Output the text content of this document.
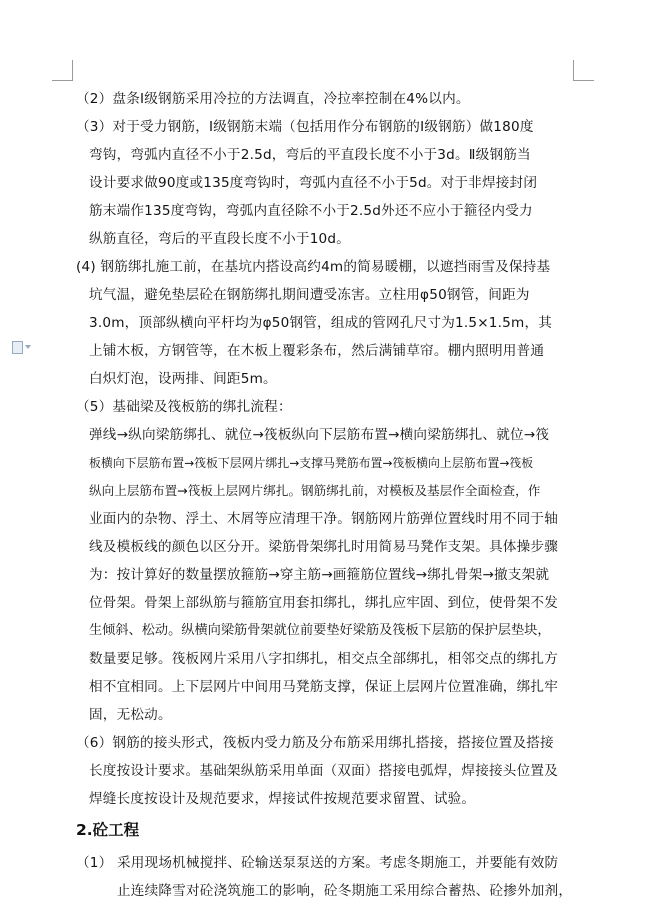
（2）盘条Ⅰ级钢筋采用冷拉的方法调直，冷拉率控制在4%以内。
（3）对于受力钢筋，Ⅰ级钢筋末端（包括用作分布钢筋的Ⅰ级钢筋）做180度
弯钩，弯弧内直径不小于2.5d，弯后的平直段长度不小于3d。Ⅱ级钢筋当
设计要求做90度或135度弯钩时，弯弧内直径不小于5d。对于非焊接封闭
筋末端作135度弯钩，弯弧内直径除不小于2.5d外还不应小于箍径内受力
纵筋直径，弯后的平直段长度不小于10d。
(4) 钢筋绑扎施工前，在基坑内搭设高约4m的简易暖棚，以遮挡雨雪及保持基
坑气温，避免垫层砼在钢筋绑扎期间遭受冻害。立柱用φ50钢管，间距为
3.0m，顶部纵横向平杆均为φ50钢管，组成的管网孔尺寸为1.5×1.5m，其
上铺木板，方钢管等，在木板上覆彩条布，然后满铺草帘。棚内照明用普通
白炽灯泡，设两排、间距5m。
（5）基础梁及筏板筋的绑扎流程：
弹线→纵向梁筋绑扎、就位→筏板纵向下层筋布置→横向梁筋绑扎、就位→筏
板横向下层筋布置→筏板下层网片绑扎→支撑马凳筋布置→筏板横向上层筋布置→筏板
纵向上层筋布置→筏板上层网片绑扎。钢筋绑扎前，对模板及基层作全面检查，作
业面内的杂物、浮土、木屑等应清理干净。钢筋网片筋弹位置线时用不同于轴
线及模板线的颜色以区分开。梁筋骨架绑扎时用简易马凳作支架。具体操步骤
为：按计算好的数量摆放箍筋→穿主筋→画箍筋位置线→绑扎骨架→撤支架就
位骨架。骨架上部纵筋与箍筋宜用套扣绑扎，绑扎应牢固、到位，使骨架不发
生倾斜、松动。纵横向梁筋骨架就位前要垫好梁筋及筏板下层筋的保护层垫块，
数量要足够。筏板网片采用八字扣绑扎，相交点全部绑扎，相邻交点的绑扎方
相不宜相同。上下层网片中间用马凳筋支撑，保证上层网片位置准确，绑扎牢
固，无松动。
（6）钢筋的接头形式，筏板内受力筋及分布筋采用绑扎搭接，搭接位置及搭接
长度按设计要求。基础架纵筋采用单面（双面）搭接电弧焊，焊接接头位置及
焊缝长度按设计及规范要求，焊接试件按规范要求留置、试验。
2.砼工程
（1） 采用现场机械搅拌、砼输送泵泵送的方案。考虑冬期施工，并要能有效防
止连续降雪对砼浇筑施工的影响，砼冬期施工采用综合蓄热、砼掺外加剂，
